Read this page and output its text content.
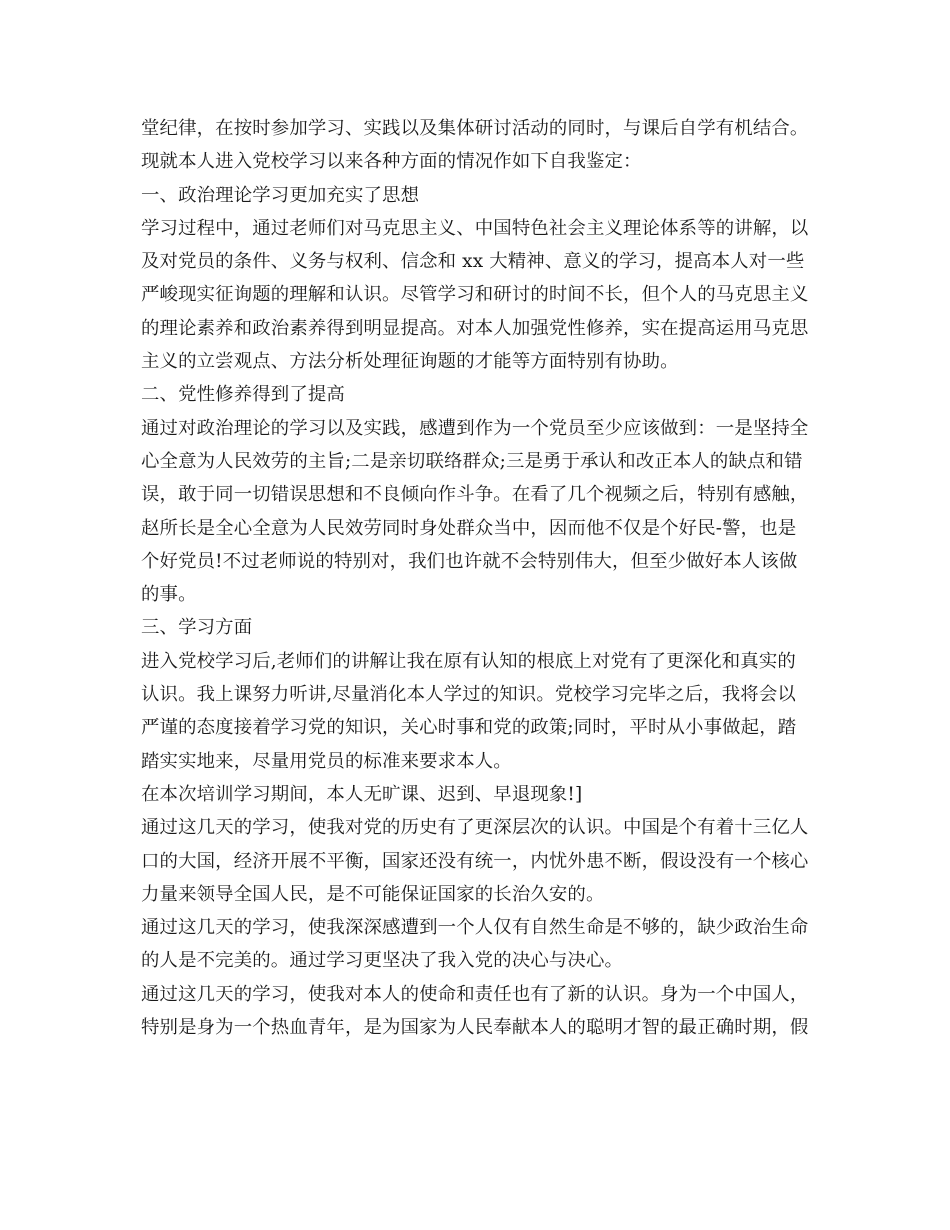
堂纪律，在按时参加学习、实践以及集体研讨活动的同时，与课后自学有机结合。
现就本人进入党校学习以来各种方面的情况作如下自我鉴定：
一、政治理论学习更加充实了思想
学习过程中，通过老师们对马克思主义、中国特色社会主义理论体系等的讲解，以
及对党员的条件、义务与权利、信念和 xx 大精神、意义的学习，提高本人对一些
严峻现实征询题的理解和认识。尽管学习和研讨的时间不长，但个人的马克思主义
的理论素养和政治素养得到明显提高。对本人加强党性修养，实在提高运用马克思
主义的立尝观点、方法分析处理征询题的才能等方面特别有协助。
二、党性修养得到了提高
通过对政治理论的学习以及实践，感遭到作为一个党员至少应该做到：一是坚持全
心全意为人民效劳的主旨;二是亲切联络群众;三是勇于承认和改正本人的缺点和错
误，敢于同一切错误思想和不良倾向作斗争。在看了几个视频之后，特别有感触，
赵所长是全心全意为人民效劳同时身处群众当中，因而他不仅是个好民-警，也是
个好党员!不过老师说的特别对，我们也许就不会特别伟大，但至少做好本人该做
的事。
三、学习方面
进入党校学习后,老师们的讲解让我在原有认知的根底上对党有了更深化和真实的
认识。我上课努力听讲,尽量消化本人学过的知识。党校学习完毕之后，我将会以
严谨的态度接着学习党的知识，关心时事和党的政策;同时，平时从小事做起，踏
踏实实地来，尽量用党员的标准来要求本人。
在本次培训学习期间，本人无旷课、迟到、早退现象!]
通过这几天的学习，使我对党的历史有了更深层次的认识。中国是个有着十三亿人
口的大国，经济开展不平衡，国家还没有统一，内忧外患不断，假设没有一个核心
力量来领导全国人民，是不可能保证国家的长治久安的。
通过这几天的学习，使我深深感遭到一个人仅有自然生命是不够的，缺少政治生命
的人是不完美的。通过学习更坚决了我入党的决心与决心。
通过这几天的学习，使我对本人的使命和责任也有了新的认识。身为一个中国人，
特别是身为一个热血青年，是为国家为人民奉献本人的聪明才智的最正确时期，假
